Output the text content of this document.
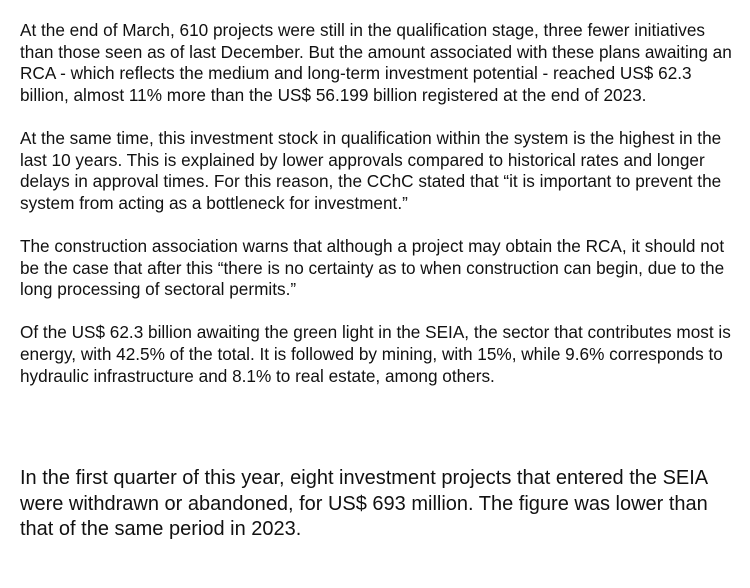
At the end of March, 610 projects were still in the qualification stage, three fewer initiatives than those seen as of last December. But the amount associated with these plans awaiting an RCA - which reflects the medium and long-term investment potential - reached US$ 62.3 billion, almost 11% more than the US$ 56.199 billion registered at the end of 2023.

At the same time, this investment stock in qualification within the system is the highest in the last 10 years. This is explained by lower approvals compared to historical rates and longer delays in approval times. For this reason, the CChC stated that “it is important to prevent the system from acting as a bottleneck for investment.”

The construction association warns that although a project may obtain the RCA, it should not be the case that after this “there is no certainty as to when construction can begin, due to the long processing of sectoral permits.”

Of the US$ 62.3 billion awaiting the green light in the SEIA, the sector that contributes most is energy, with 42.5% of the total. It is followed by mining, with 15%, while 9.6% corresponds to hydraulic infrastructure and 8.1% to real estate, among others.

In the first quarter of this year, eight investment projects that entered the SEIA were withdrawn or abandoned, for US$ 693 million. The figure was lower than that of the same period in 2023.
